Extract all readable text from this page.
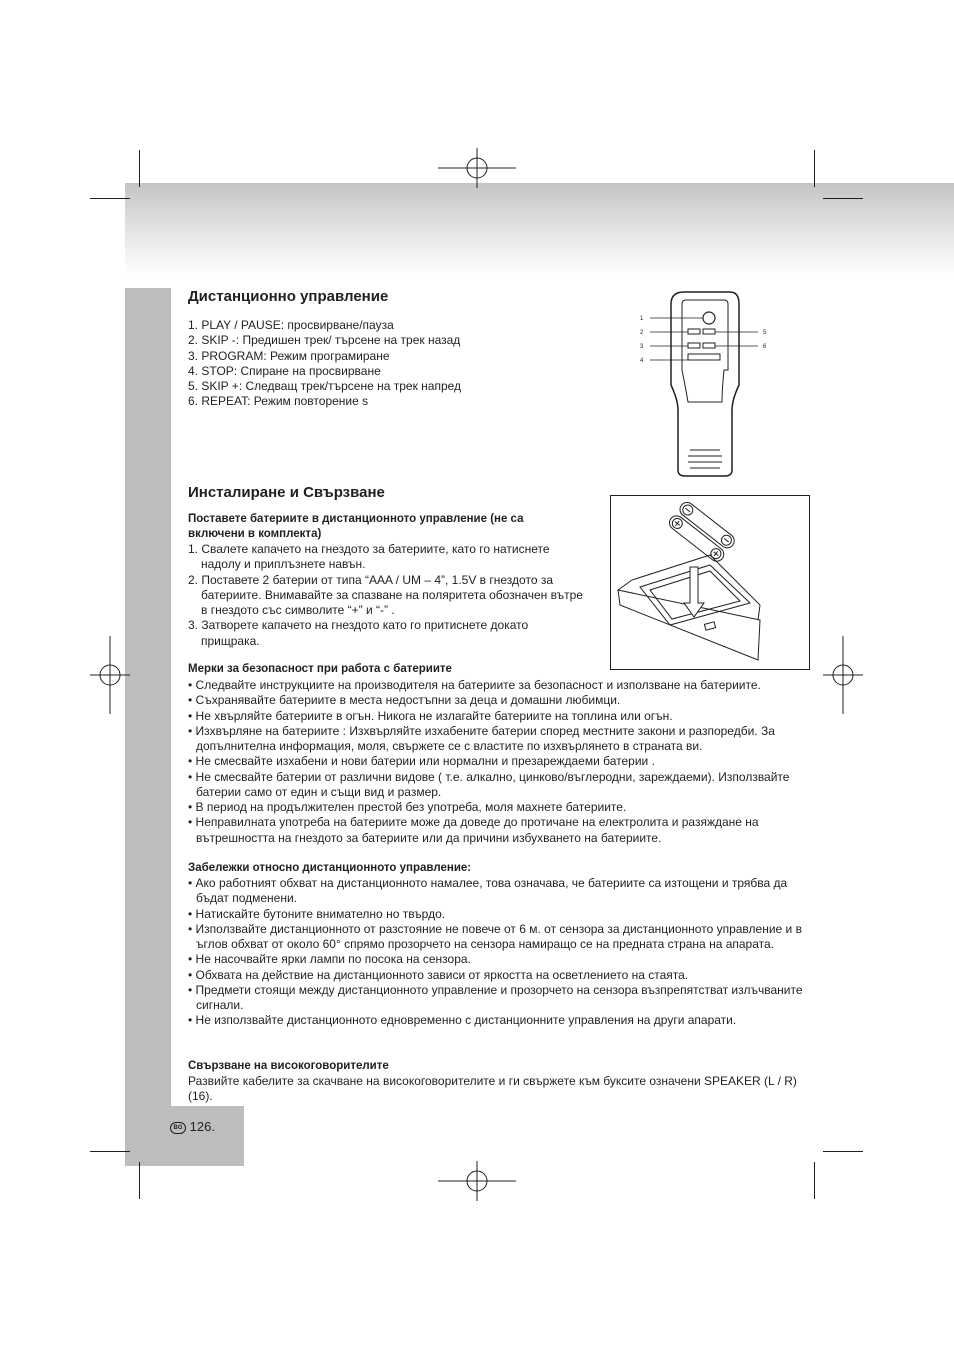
Дистанционно управление
1. PLAY / PAUSE: просвирване/пауза
2. SKIP -: Предишен трек/ търсене на трек назад
3. PROGRAM: Режим програмиране
4. STOP: Спиране на просвирване
5. SKIP +: Следващ трек/търсене на трек напред
6. REPEAT: Режим повторение s
1
2
3
4
5
6
Инсталиране и Свързване
Поставете батериите в дистанционното управление (не са включени в комплекта)
1. Свалете капачето на гнездото за батериите, като го натиснете надолу и приплъзнете навън.
2. Поставете 2 батерии от типа “AAA / UM – 4”, 1.5V в гнездото за батериите. Внимавайте за спазване на поляритета обозначен вътре в гнездото със символите “+” и “-” .
3. Затворете капачето на гнездото като го притиснете докато прищрака.
Мерки за безопасност при работа с батериите
• Следвайте инструкциите на производителя на батериите за безопасност и използване на батериите.
• Съхранявайте батериите в места недостъпни за деца и домашни любимци.
• Не хвърляйте батериите в огън. Никога не излагайте батериите на топлина или огън.
• Изхвърляне на батериите : Изхвърляйте изхабените батерии според местните закони и разпоредби. За допълнителна информация, моля, свържете се с властите по изхвърлянето в страната ви.
• Не смесвайте изхабени и нови батерии или нормални и презареждаеми батерии .
• Не смесвайте батерии от различни видове ( т.е. алкално, цинково/въглеродни, зареждаеми). Използвайте батерии само от един и същи вид и размер.
• В период на продължителен престой без употреба, моля махнете батериите.
• Неправилната употреба на батериите може да доведе до протичане на електролита и разяждане на вътрешността на гнездото за батериите или да причини избухването на батериите.
Забележки относно дистанционното управление:
• Ако работният обхват на дистанционното намалее, това означава, че батериите са изтощени и трябва да бъдат подменени.
• Натискайте бутоните внимателно но твърдо.
• Използвайте дистанционното от разстояние не повече от 6 м. от сензора за дистанционното управление и в ъглов обхват от около 60° спрямо прозорчето на сензора намиращо се на предната страна на апарата.
• Не насочвайте ярки лампи по посока на сензора.
• Обхвата на действие на дистанционното зависи от яркостта на осветлението на стаята.
• Предмети стоящи между дистанционното управление и прозорчето на сензора възпрепятстват излъчваните сигнали.
• Не използвайте дистанционното едновременно с дистанционните управления на други апарати.
Свързване на високоговорителите
Развийте кабелите за скачване на високоговорителите и ги свържете към буксите означени SPEAKER (L / R) (16).
BG 126.
